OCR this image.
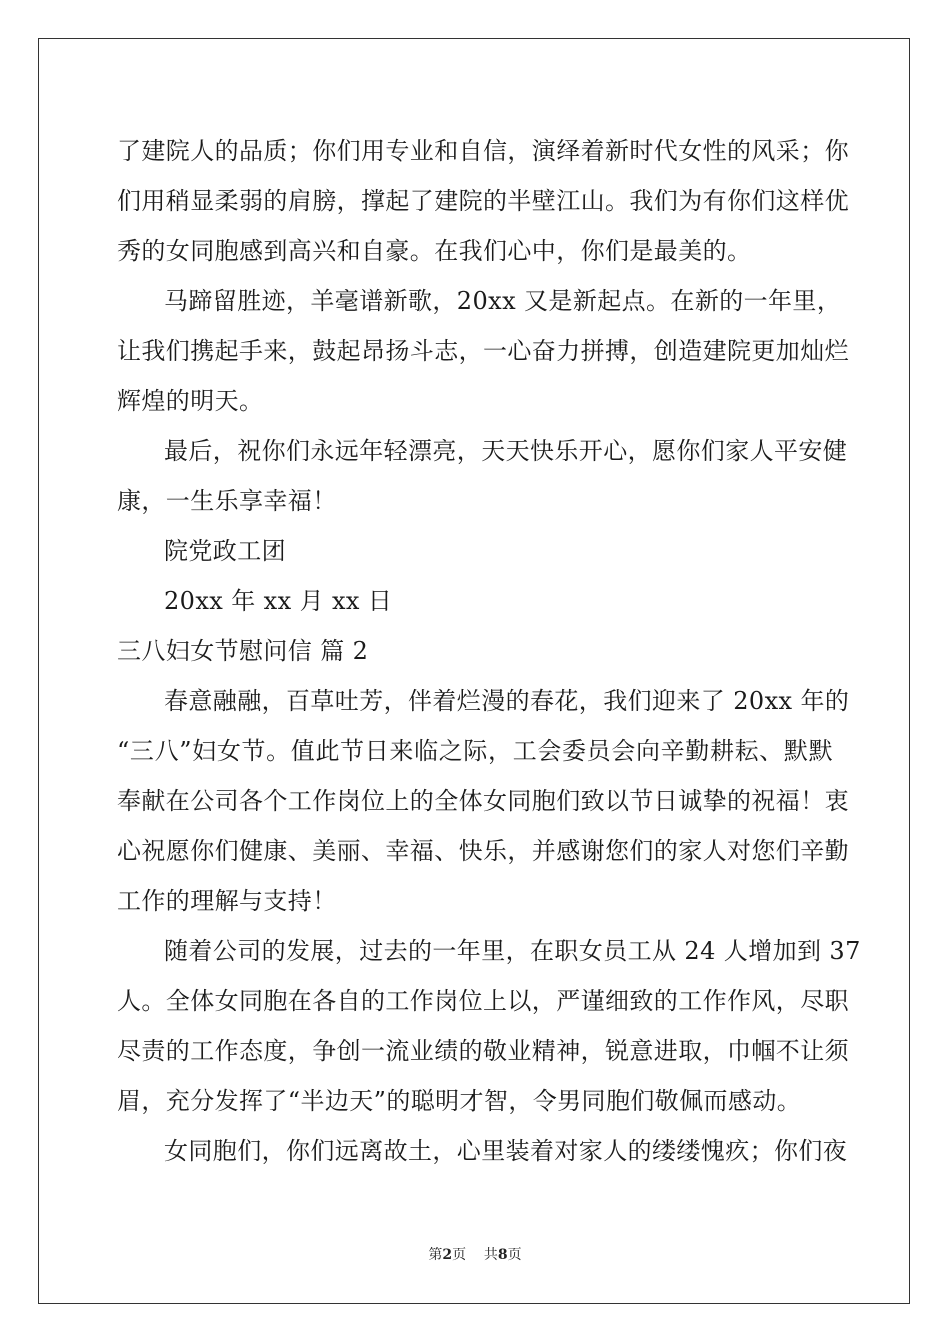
了建院人的品质；你们用专业和自信，演绎着新时代女性的风采；你
们用稍显柔弱的肩膀，撑起了建院的半壁江山。我们为有你们这样优
秀的女同胞感到高兴和自豪。在我们心中，你们是最美的。
马蹄留胜迹，羊毫谱新歌，20xx 又是新起点。在新的一年里，
让我们携起手来，鼓起昂扬斗志，一心奋力拼搏，创造建院更加灿烂
辉煌的明天。
最后，祝你们永远年轻漂亮，天天快乐开心，愿你们家人平安健
康，一生乐享幸福！
院党政工团
20xx 年 xx 月 xx 日
三八妇女节慰问信 篇 2
春意融融，百草吐芳，伴着烂漫的春花，我们迎来了 20xx 年的
“三八”妇女节。值此节日来临之际，工会委员会向辛勤耕耘、默默
奉献在公司各个工作岗位上的全体女同胞们致以节日诚挚的祝福！衷
心祝愿你们健康、美丽、幸福、快乐，并感谢您们的家人对您们辛勤
工作的理解与支持！
随着公司的发展，过去的一年里，在职女员工从 24 人增加到 37
人。全体女同胞在各自的工作岗位上以，严谨细致的工作作风，尽职
尽责的工作态度，争创一流业绩的敬业精神，锐意进取，巾帼不让须
眉，充分发挥了“半边天”的聪明才智，令男同胞们敬佩而感动。
女同胞们，你们远离故土，心里装着对家人的缕缕愧疚；你们夜
第2页 共8页
